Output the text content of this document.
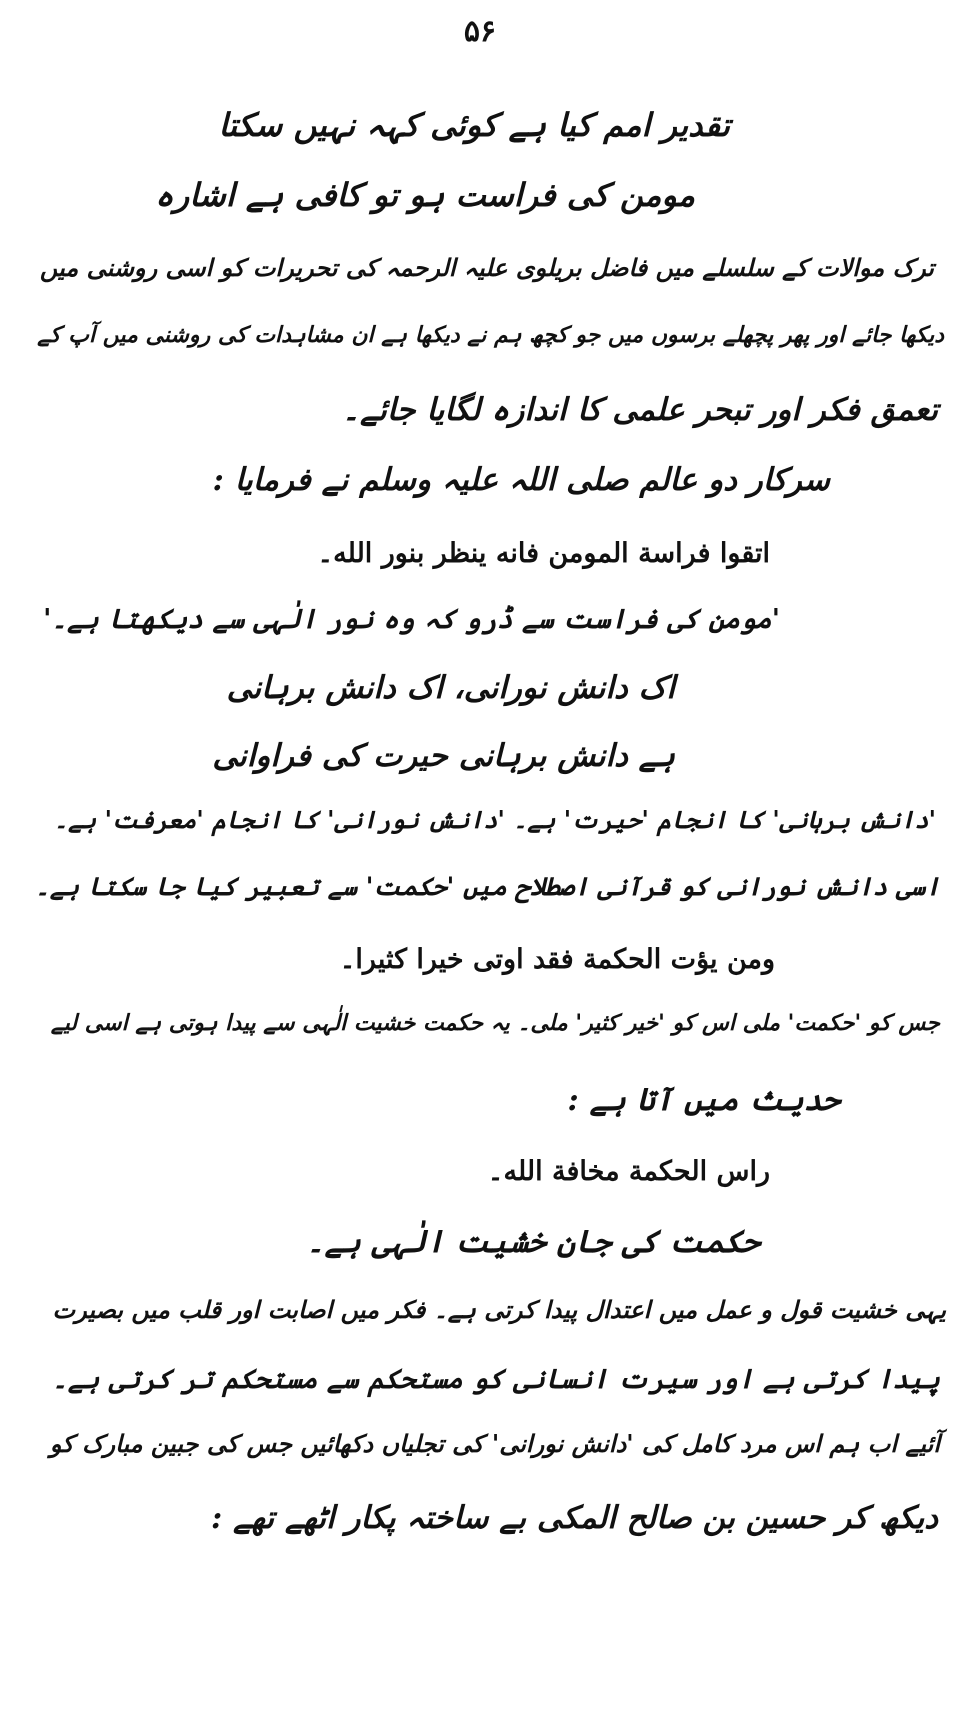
۵۶
تقدیر امم کیا ہے کوئی کہہ نہیں سکتا
مومن کی فراست ہو تو کافی ہے اشارہ
ترک موالات کے سلسلے میں فاضل بریلوی علیہ الرحمہ کی تحریرات کو اسی روشنی میں
دیکھا جائے اور پھر پچھلے برسوں میں جو کچھ ہم نے دیکھا ہے ان مشاہدات کی روشنی میں آپ کے
تعمق فکر اور تبحر علمی کا اندازہ لگایا جائے۔
سرکار دو عالم صلی اللہ علیہ وسلم نے فرمایا :
اتقوا فراسة المومن فانه ينظر بنور الله۔
'مومن کی فراست سے ڈرو کہ وہ نور الٰہی سے دیکھتا ہے۔'
اک دانش نورانی، اک دانش برہانی
ہے دانش برہانی حیرت کی فراوانی
'دانش برہانی' کا انجام 'حیرت' ہے۔ 'دانش نورانی' کا انجام 'معرفت' ہے۔
اسی دانش نورانی کو قرآنی اصطلاح میں 'حکمت' سے تعبیر کیا جا سکتا ہے۔
ومن يؤت الحكمة فقد اوتى خيرا كثيرا۔
جس کو 'حکمت' ملی اس کو 'خیر کثیر' ملی۔ یہ حکمت خشیت الٰہی سے پیدا ہوتی ہے اسی لیے
حدیث میں آتا ہے :
راس الحكمة مخافة الله۔
حکمت کی جان خشیت الٰہی ہے۔
یہی خشیت قول و عمل میں اعتدال پیدا کرتی ہے۔ فکر میں اصابت اور قلب میں بصیرت
پیدا کرتی ہے اور سیرت انسانی کو مستحکم سے مستحکم تر کرتی ہے۔
آئیے اب ہم اس مرد کامل کی 'دانش نورانی' کی تجلیاں دکھائیں جس کی جبین مبارک کو
دیکھ کر حسین بن صالح المکی بے ساختہ پکار اٹھے تھے :
